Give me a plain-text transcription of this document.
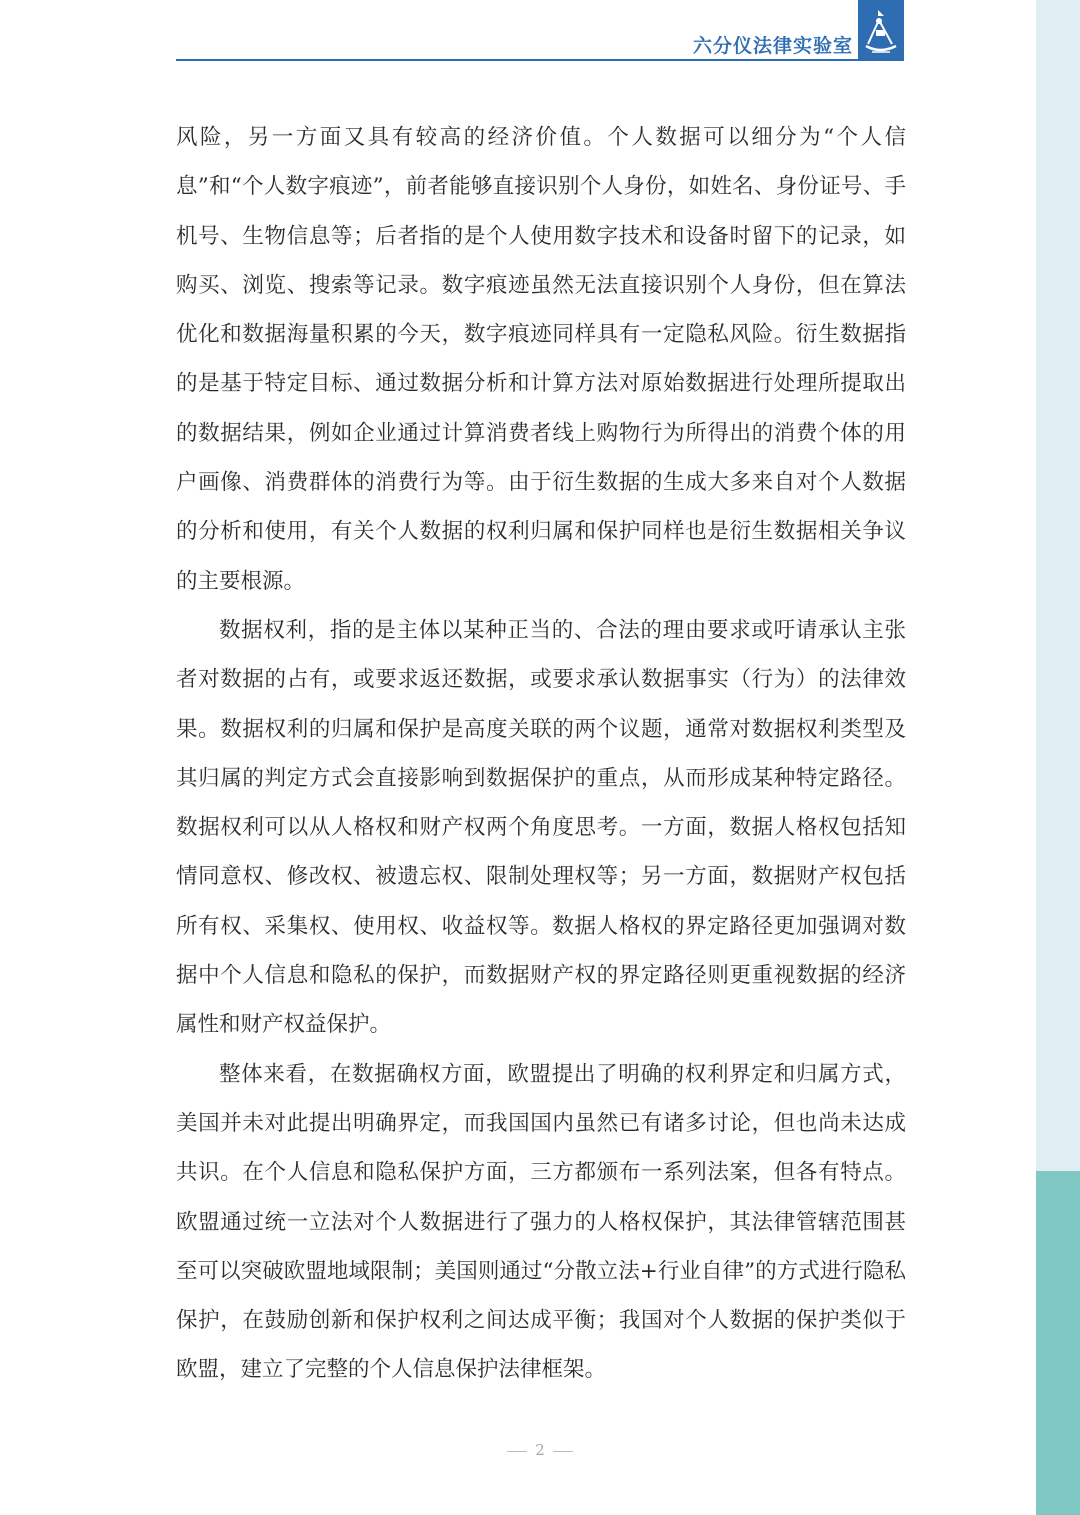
六分仪法律实验室

风险，另一方面又具有较高的经济价值。个人数据可以细分为“个人信息”和“个人数字痕迹”，前者能够直接识别个人身份，如姓名、身份证号、手机号、生物信息等；后者指的是个人使用数字技术和设备时留下的记录，如购买、浏览、搜索等记录。数字痕迹虽然无法直接识别个人身份，但在算法优化和数据海量积累的今天，数字痕迹同样具有一定隐私风险。衍生数据指的是基于特定目标、通过数据分析和计算方法对原始数据进行处理所提取出的数据结果，例如企业通过计算消费者线上购物行为所得出的消费个体的用户画像、消费群体的消费行为等。由于衍生数据的生成大多来自对个人数据的分析和使用，有关个人数据的权利归属和保护同样也是衍生数据相关争议的主要根源。

数据权利，指的是主体以某种正当的、合法的理由要求或吁请承认主张者对数据的占有，或要求返还数据，或要求承认数据事实（行为）的法律效果。数据权利的归属和保护是高度关联的两个议题，通常对数据权利类型及其归属的判定方式会直接影响到数据保护的重点，从而形成某种特定路径。数据权利可以从人格权和财产权两个角度思考。一方面，数据人格权包括知情同意权、修改权、被遗忘权、限制处理权等；另一方面，数据财产权包括所有权、采集权、使用权、收益权等。数据人格权的界定路径更加强调对数据中个人信息和隐私的保护，而数据财产权的界定路径则更重视数据的经济属性和财产权益保护。

整体来看，在数据确权方面，欧盟提出了明确的权利界定和归属方式，美国并未对此提出明确界定，而我国国内虽然已有诸多讨论，但也尚未达成共识。在个人信息和隐私保护方面，三方都颁布一系列法案，但各有特点。欧盟通过统一立法对个人数据进行了强力的人格权保护，其法律管辖范围甚至可以突破欧盟地域限制；美国则通过“分散立法+行业自律”的方式进行隐私保护，在鼓励创新和保护权利之间达成平衡；我国对个人数据的保护类似于欧盟，建立了完整的个人信息保护法律框架。

2
